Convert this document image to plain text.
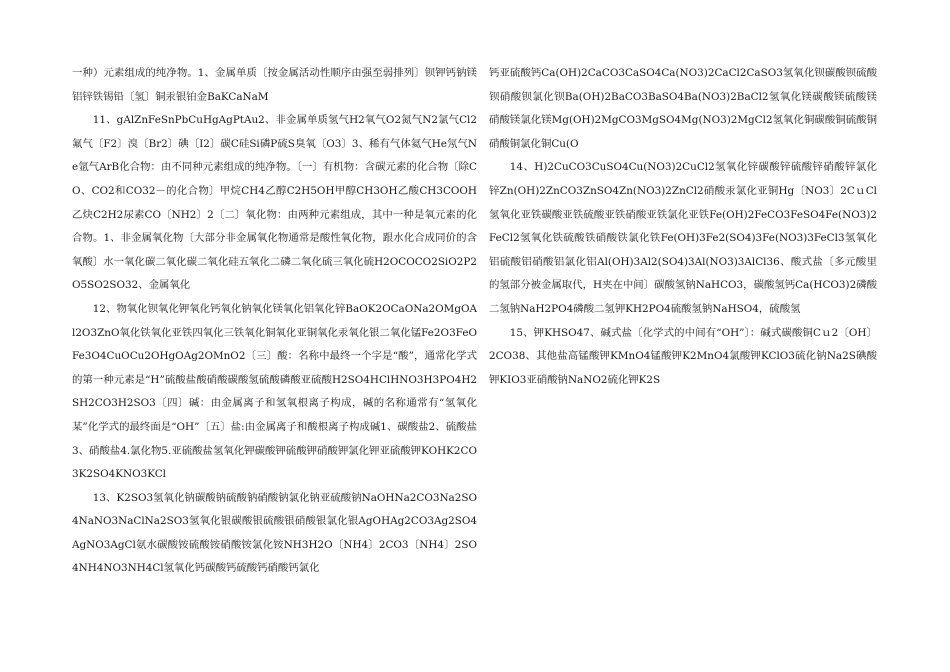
一种）元素组成的纯净物。1、金属单质〔按金属活动性顺序由强至弱排列〕钡钾钙钠镁铝锌铁锡铅〔氢〕铜汞银铂金BaKCaNaM

11、gAlZnFeSnPbCuHgAgPtAu2、非金属单质氢气H2氧气O2氮气N2氯气Cl2氟气〔F2〕溴〔Br2〕碘〔I2〕碳C硅Si磷P硫S臭氧〔O3〕3、稀有气体氦气He氖气Ne氩气ArB化合物：由不同种元素组成的纯净物。〔一〕有机物：含碳元素的化合物〔除CO、CO2和CO32－的化合物〕甲烷CH4乙醇C2H5OH甲醇CH3OH乙酸CH3COOH乙炔C2H2尿素CO〔NH2〕2〔二〕氧化物：由两种元素组成，其中一种是氧元素的化合物。1、非金属氧化物〔大部分非金属氧化物通常是酸性氧化物，跟水化合成同价的含氧酸〕水一氧化碳二氧化碳二氧化硅五氧化二磷二氧化硫三氧化硫H2OCOCO2SiO2P2O5SO2SO32、金属氧化

12、物氧化钡氧化钾氧化钙氧化钠氧化镁氧化铝氧化锌BaOK2OCaONa2OMgOAl2O3ZnO氧化铁氧化亚铁四氧化三铁氧化铜氧化亚铜氧化汞氧化银二氧化锰Fe2O3FeOFe3O4CuOCu2OHgOAg2OMnO2〔三〕酸：名称中最终一个字是“酸”，通常化学式的第一种元素是“H”硫酸盐酸硝酸碳酸氢硫酸磷酸亚硫酸H2SO4HClHNO3H3PO4H2SH2CO3H2SO3〔四〕碱：由金属离子和氢氧根离子构成，碱的名称通常有“氢氧化某”化学式的最终面是“OH”〔五〕盐:由金属离子和酸根离子构成碱1、碳酸盐2、硫酸盐3、硝酸盐4.氯化物5.亚硫酸盐氢氧化钾碳酸钾硫酸钾硝酸钾氯化钾亚硫酸钾KOHK2CO3K2SO4KNO3KCl

13、K2SO3氢氧化钠碳酸钠硫酸钠硝酸钠氯化钠亚硫酸钠NaOHNa2CO3Na2SO4NaNO3NaClNa2SO3氢氧化银碳酸银硫酸银硝酸银氯化银AgOHAg2CO3Ag2SO4AgNO3AgCl氨水碳酸铵硫酸铵硝酸铵氯化铵NH3H2O〔NH4〕2CO3〔NH4〕2SO4NH4NO3NH4Cl氢氧化钙碳酸钙硫酸钙硝酸钙氯化

钙亚硫酸钙Ca(OH)2CaCO3CaSO4Ca(NO3)2CaCl2CaSO3氢氧化钡碳酸钡硫酸钡硝酸钡氯化钡Ba(OH)2BaCO3BaSO4Ba(NO3)2BaCl2氢氧化镁碳酸镁硫酸镁硝酸镁氯化镁Mg(OH)2MgCO3MgSO4Mg(NO3)2MgCl2氢氧化铜碳酸铜硫酸铜硝酸铜氯化铜Cu(O

14、H)2CuCO3CuSO4Cu(NO3)2CuCl2氢氧化锌碳酸锌硫酸锌硝酸锌氯化锌Zn(OH)2ZnCO3ZnSO4Zn(NO3)2ZnCl2硝酸汞氯化亚铜Hg〔NO3〕2CｕCl氢氧化亚铁碳酸亚铁硫酸亚铁硝酸亚铁氯化亚铁Fe(OH)2FeCO3FeSO4Fe(NO3)2FeCl2氢氧化铁硫酸铁硝酸铁氯化铁Fe(OH)3Fe2(SO4)3Fe(NO3)3FeCl3氢氧化铝硫酸铝硝酸铝氯化铝Al(OH)3Al2(SO4)3Al(NO3)3AlCl36、酸式盐〔多元酸里的氢部分被金属取代，H夹在中间〕碳酸氢钠NaHCO3，碳酸氢钙Ca(HCO3)2磷酸二氢钠NaH2PO4磷酸二氢钾KH2PO4硫酸氢钠NaHSO4，硫酸氢

15、钾KHSO47、碱式盐〔化学式的中间有“OH”〕：碱式碳酸铜Cｕ2〔OH〕2CO38、其他盐高锰酸钾KMnO4锰酸钾K2MnO4氯酸钾KClO3硫化钠Na2S碘酸钾KIO3亚硝酸钠NaNO2硫化钾K2S
